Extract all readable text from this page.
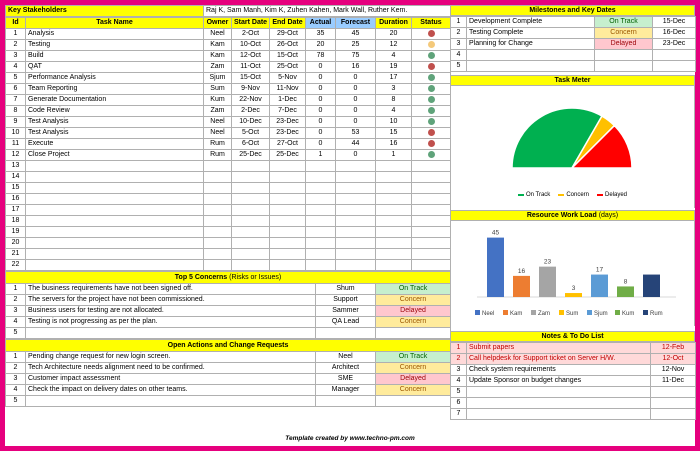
Key Stakeholders	Raj K, Sam Manh, Kim K, Zuhen Kahen, Mark Wall, Ruther Kem.
Id	Task Name	Owner	Start Date	End Date	Actual	Forecast	Duration	Status
1	Analysis	Neel	2-Oct	29-Oct	35	45	20	
2	Testing	Kam	10-Oct	26-Oct	20	25	12	
3	Build	Kam	12-Oct	15-Oct	78	75	4	
4	QAT	Zam	11-Oct	25-Oct	0	16	19	
5	Performance Analysis	Sjum	15-Oct	5-Nov	0	0	17	
6	Team Reporting	Sum	9-Nov	11-Nov	0	0	3	
7	Generate Documentation	Kum	22-Nov	1-Dec	0	0	8	
8	Code Review	Zam	2-Dec	7-Dec	0	0	4	
9	Test Analysis	Neel	10-Dec	23-Dec	0	0	10	
10	Test Analysis	Neel	5-Oct	23-Dec	0	53	15	
11	Execute	Rum	6-Oct	27-Oct	0	44	16	
12	Close Project	Rum	25-Dec	25-Dec	1	0	1	
13								
14								
15								
16								
17								
18								
19								
20								
21								
22								
Top 5 Concerns (Risks or Issues)			
1	The business requirements have not been signed off.	Shum	On Track
2	The servers for the project have not been commissioned.	Support	Concern
3	Business users for testing are not allocated.	Sammer	Delayed
4	Testing is not progressing as per the plan.	QA Lead	Concern
5			
Open Actions and Change Requests			
1	Pending change request for new login screen.	Neel	On Track
2	Tech Architecture needs alignment need to be confirmed.	Architect	Concern
3	Customer impact assessment	SME	Delayed
4	Check the impact on delivery dates on other teams.	Manager	Concern
5			
Milestones and Key Dates
1	Development Complete	On Track	15-Dec
2	Testing Complete	Concern	16-Dec
3	Planning for Change	Delayed	23-Dec
4			
5			
Task Meter
On Track	Concern	Delayed
Resource Work Load (days)
45
16
23
3
17
8
Neel	Kam	Zam	Sum	Sjum Kum	Rum
Notes & To Do List
1	Submit papers	12-Feb
2	Call helpdesk for Support ticket on Server H/W.	12-Oct
3	Check system requirements	12-Nov
4	Update Sponsor on budget changes	11-Dec
5		
6		
7		
Template created by www.techno-pm.com
